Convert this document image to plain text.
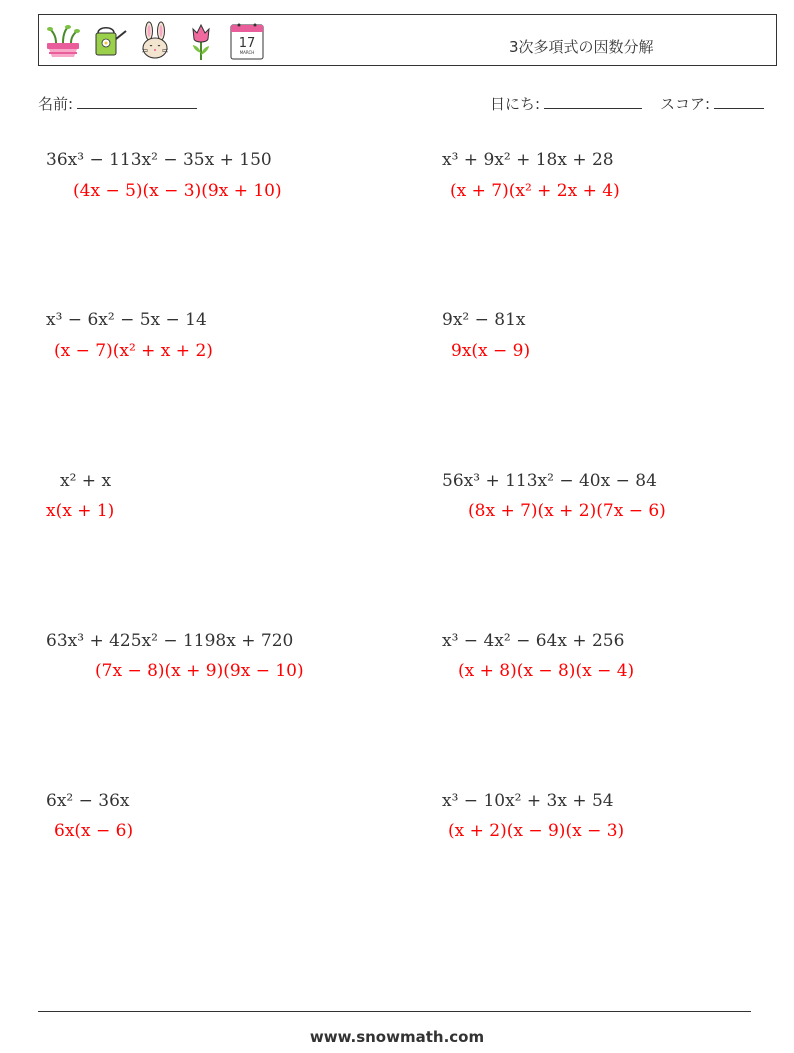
17
MARCH	3次多項式の因数分解
名前:	日にち:	スコア:
36x³ − 113x² − 35x + 150
(4x − 5)(x − 3)(9x + 10)
x³ + 9x² + 18x + 28
(x + 7)(x² + 2x + 4)
x³ − 6x² − 5x − 14
(x − 7)(x² + x + 2)
9x² − 81x
9x(x − 9)
x² + x
x(x + 1)
56x³ + 113x² − 40x − 84
(8x + 7)(x + 2)(7x − 6)
63x³ + 425x² − 1198x + 720
(7x − 8)(x + 9)(9x − 10)
x³ − 4x² − 64x + 256
(x + 8)(x − 8)(x − 4)
6x² − 36x
6x(x − 6)
x³ − 10x² + 3x + 54
(x + 2)(x − 9)(x − 3)
www.snowmath.com
